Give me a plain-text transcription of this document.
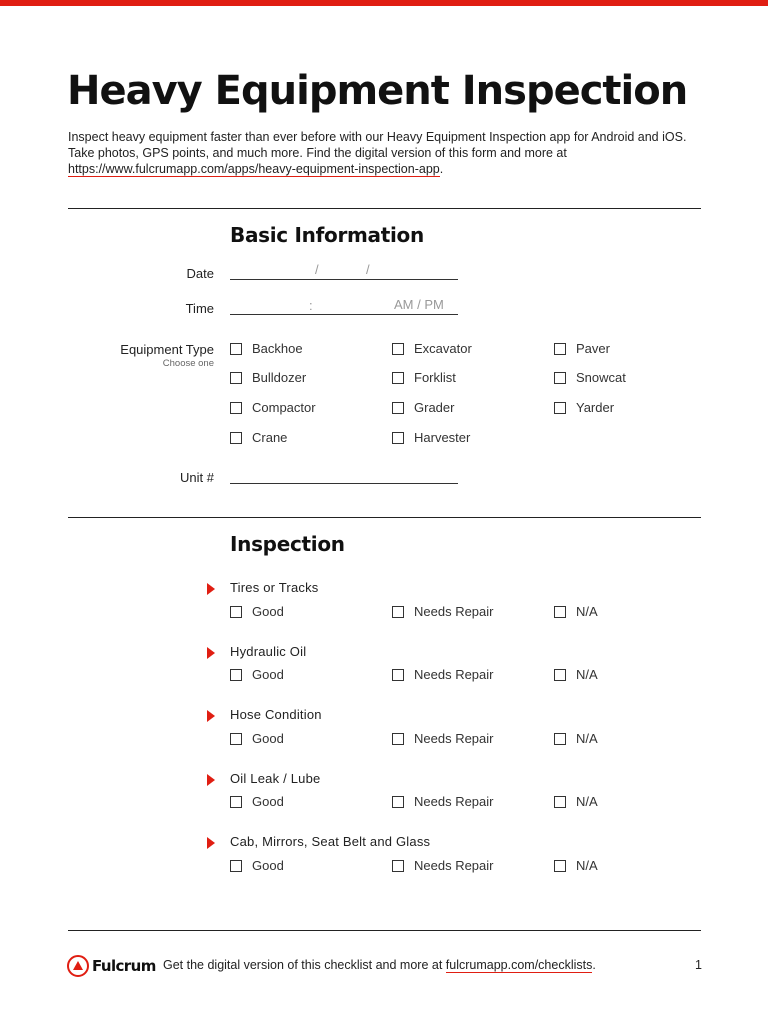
Heavy Equipment Inspection

Inspect heavy equipment faster than ever before with our Heavy Equipment Inspection app for Android and iOS. Take photos, GPS points, and much more. Find the digital version of this form and more at https://www.fulcrumapp.com/apps/heavy-equipment-inspection-app.

Basic Information
Date	/	/
Time	:	AM / PM
Equipment Type
Choose one
Backhoe	Excavator	Paver
Bulldozer	Forklist	Snowcat
Compactor	Grader	Yarder
Crane	Harvester
Unit #
Inspection
Tires or Tracks
Good	Needs Repair	N/A
Hydraulic Oil
Good	Needs Repair	N/A
Hose Condition
Good	Needs Repair	N/A
Oil Leak / Lube
Good	Needs Repair	N/A
Cab, Mirrors, Seat Belt and Glass
Good	Needs Repair	N/A
Fulcrum Get the digital version of this checklist and more at fulcrumapp.com/checklists.	1
